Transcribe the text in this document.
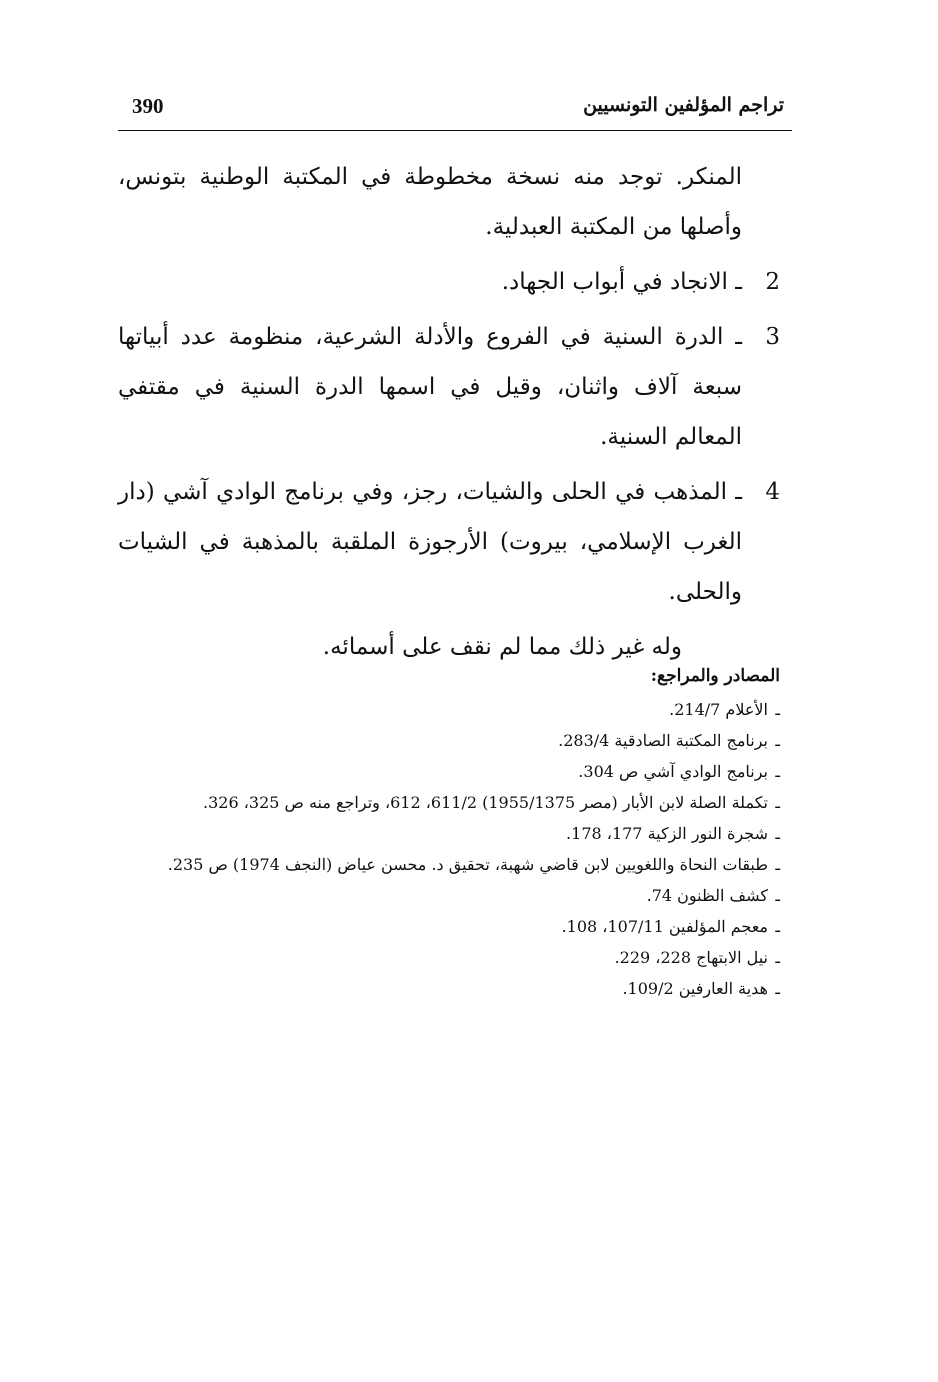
390	تراجم المؤلفين التونسيين

المنكر. توجد منه نسخة مخطوطة في المكتبة الوطنية بتونس، وأصلها من المكتبة العبدلية.

2ـ الانجاد في أبواب الجهاد.

3ـ الدرة السنية في الفروع والأدلة الشرعية، منظومة عدد أبياتها سبعة آلاف واثنان، وقيل في اسمها الدرة السنية في مقتفي المعالم السنية.

4ـ المذهب في الحلى والشيات، رجز، وفي برنامج الوادي آشي (دار الغرب الإسلامي، بيروت) الأرجوزة الملقبة بالمذهبة في الشيات والحلى.

وله غير ذلك مما لم نقف على أسمائه.

المصادر والمراجع:
ـالأعلام 214/7.
ـبرنامج المكتبة الصادقية 283/4.
ـبرنامج الوادي آشي ص 304.
ـتكملة الصلة لابن الأبار (مصر 1955/1375) 611/2، 612، وتراجع منه ص 325، 326.
ـشجرة النور الزكية 177، 178.
ـطبقات النحاة واللغويين لابن قاضي شهبة، تحقيق د. محسن عياض (النجف 1974) ص 235.
ـكشف الظنون 74.
ـمعجم المؤلفين 107/11، 108.
ـنيل الابتهاج 228، 229.
ـهدية العارفين 109/2.
